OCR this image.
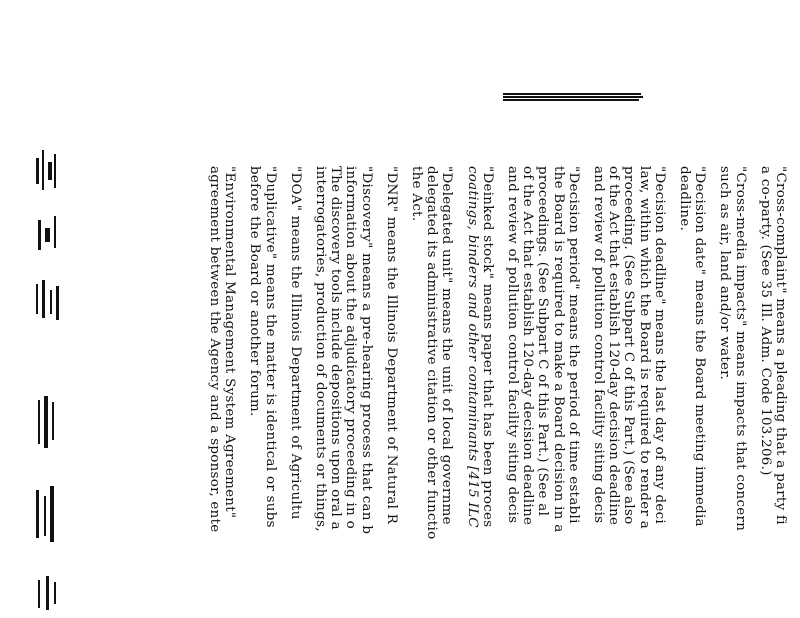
"Cross-complaint" means a pleading that a party fi
a co-party. (See 35 Ill. Adm. Code 103.206.)
"Cross-media impacts" means impacts that concern
such as air, land and/or water.
"Decision date" means the Board meeting immedia
deadline.
"Decision deadline" means the last day of any deci
law, within which the Board is required to render a
proceeding. (See Subpart C of this Part.) (See also
of the Act that establish 120-day decision deadline
and review of pollution control facility siting decis
"Decision period" means the period of time establi
the Board is required to make a Board decision in a
proceedings. (See Subpart C of this Part.) (See al
of the Act that establish 120-day decision deadline
and review of pollution control facility siting decis
"Deinked stock" means paper that has been proces
coatings, binders and other contaminants [415 ILC
"Delegated unit" means the unit of local governme
delegated its administrative citation or other functio
the Act.
"DNR" means the Illinois Department of Natural R
"Discovery" means a pre-hearing process that can b
information about the adjudicatory proceeding in o
The discovery tools include depositions upon oral a
interrogatories, production of documents or things,
"DOA" means the Illinois Department of Agricultu
"Duplicative" means the matter is identical or subs
before the Board or another forum.
"Environmental Management System Agreement"
agreement between the Agency and a sponsor, ente
